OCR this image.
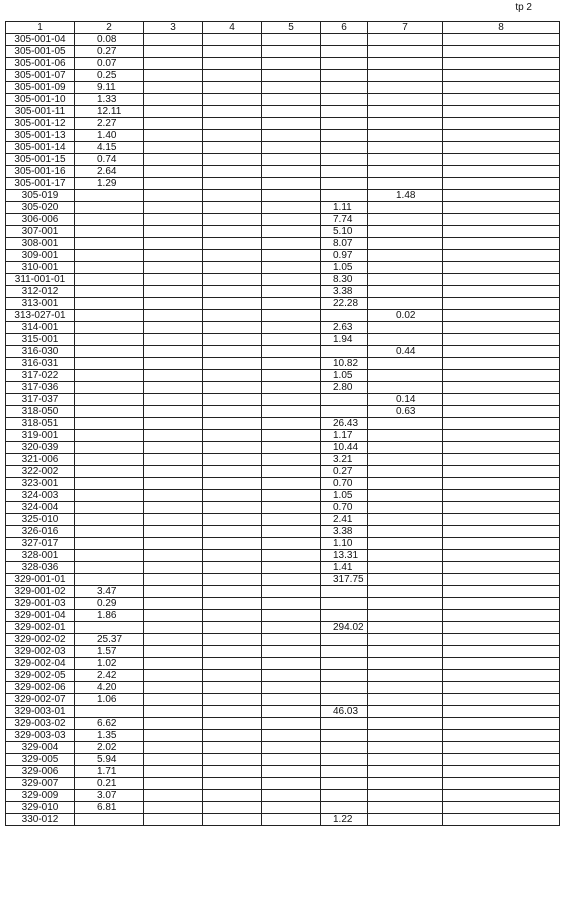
tp 2
1	2	3	4	5	6	7	8
305-001-04	0.08						
305-001-05	0.27						
305-001-06	0.07						
305-001-07	0.25						
305-001-09	9.11						
305-001-10	1.33						
305-001-11	12.11						
305-001-12	2.27						
305-001-13	1.40						
305-001-14	4.15						
305-001-15	0.74						
305-001-16	2.64						
305-001-17	1.29						
305-019						1.48	
305-020					1.11		
306-006					7.74		
307-001					5.10		
308-001					8.07		
309-001					0.97		
310-001					1.05		
311-001-01					8.30		
312-012					3.38		
313-001					22.28		
313-027-01						0.02	
314-001					2.63		
315-001					1.94		
316-030						0.44	
316-031					10.82		
317-022					1.05		
317-036					2.80		
317-037						0.14	
318-050						0.63	
318-051					26.43		
319-001					1.17		
320-039					10.44		
321-006					3.21		
322-002					0.27		
323-001					0.70		
324-003					1.05		
324-004					0.70		
325-010					2.41		
326-016					3.38		
327-017					1.10		
328-001					13.31		
328-036					1.41		
329-001-01					317.75		
329-001-02	3.47						
329-001-03	0.29						
329-001-04	1.86						
329-002-01					294.02		
329-002-02	25.37						
329-002-03	1.57						
329-002-04	1.02						
329-002-05	2.42						
329-002-06	4.20						
329-002-07	1.06						
329-003-01					46.03		
329-003-02	6.62						
329-003-03	1.35						
329-004	2.02						
329-005	5.94						
329-006	1.71						
329-007	0.21						
329-009	3.07						
329-010	6.81						
330-012					1.22		
